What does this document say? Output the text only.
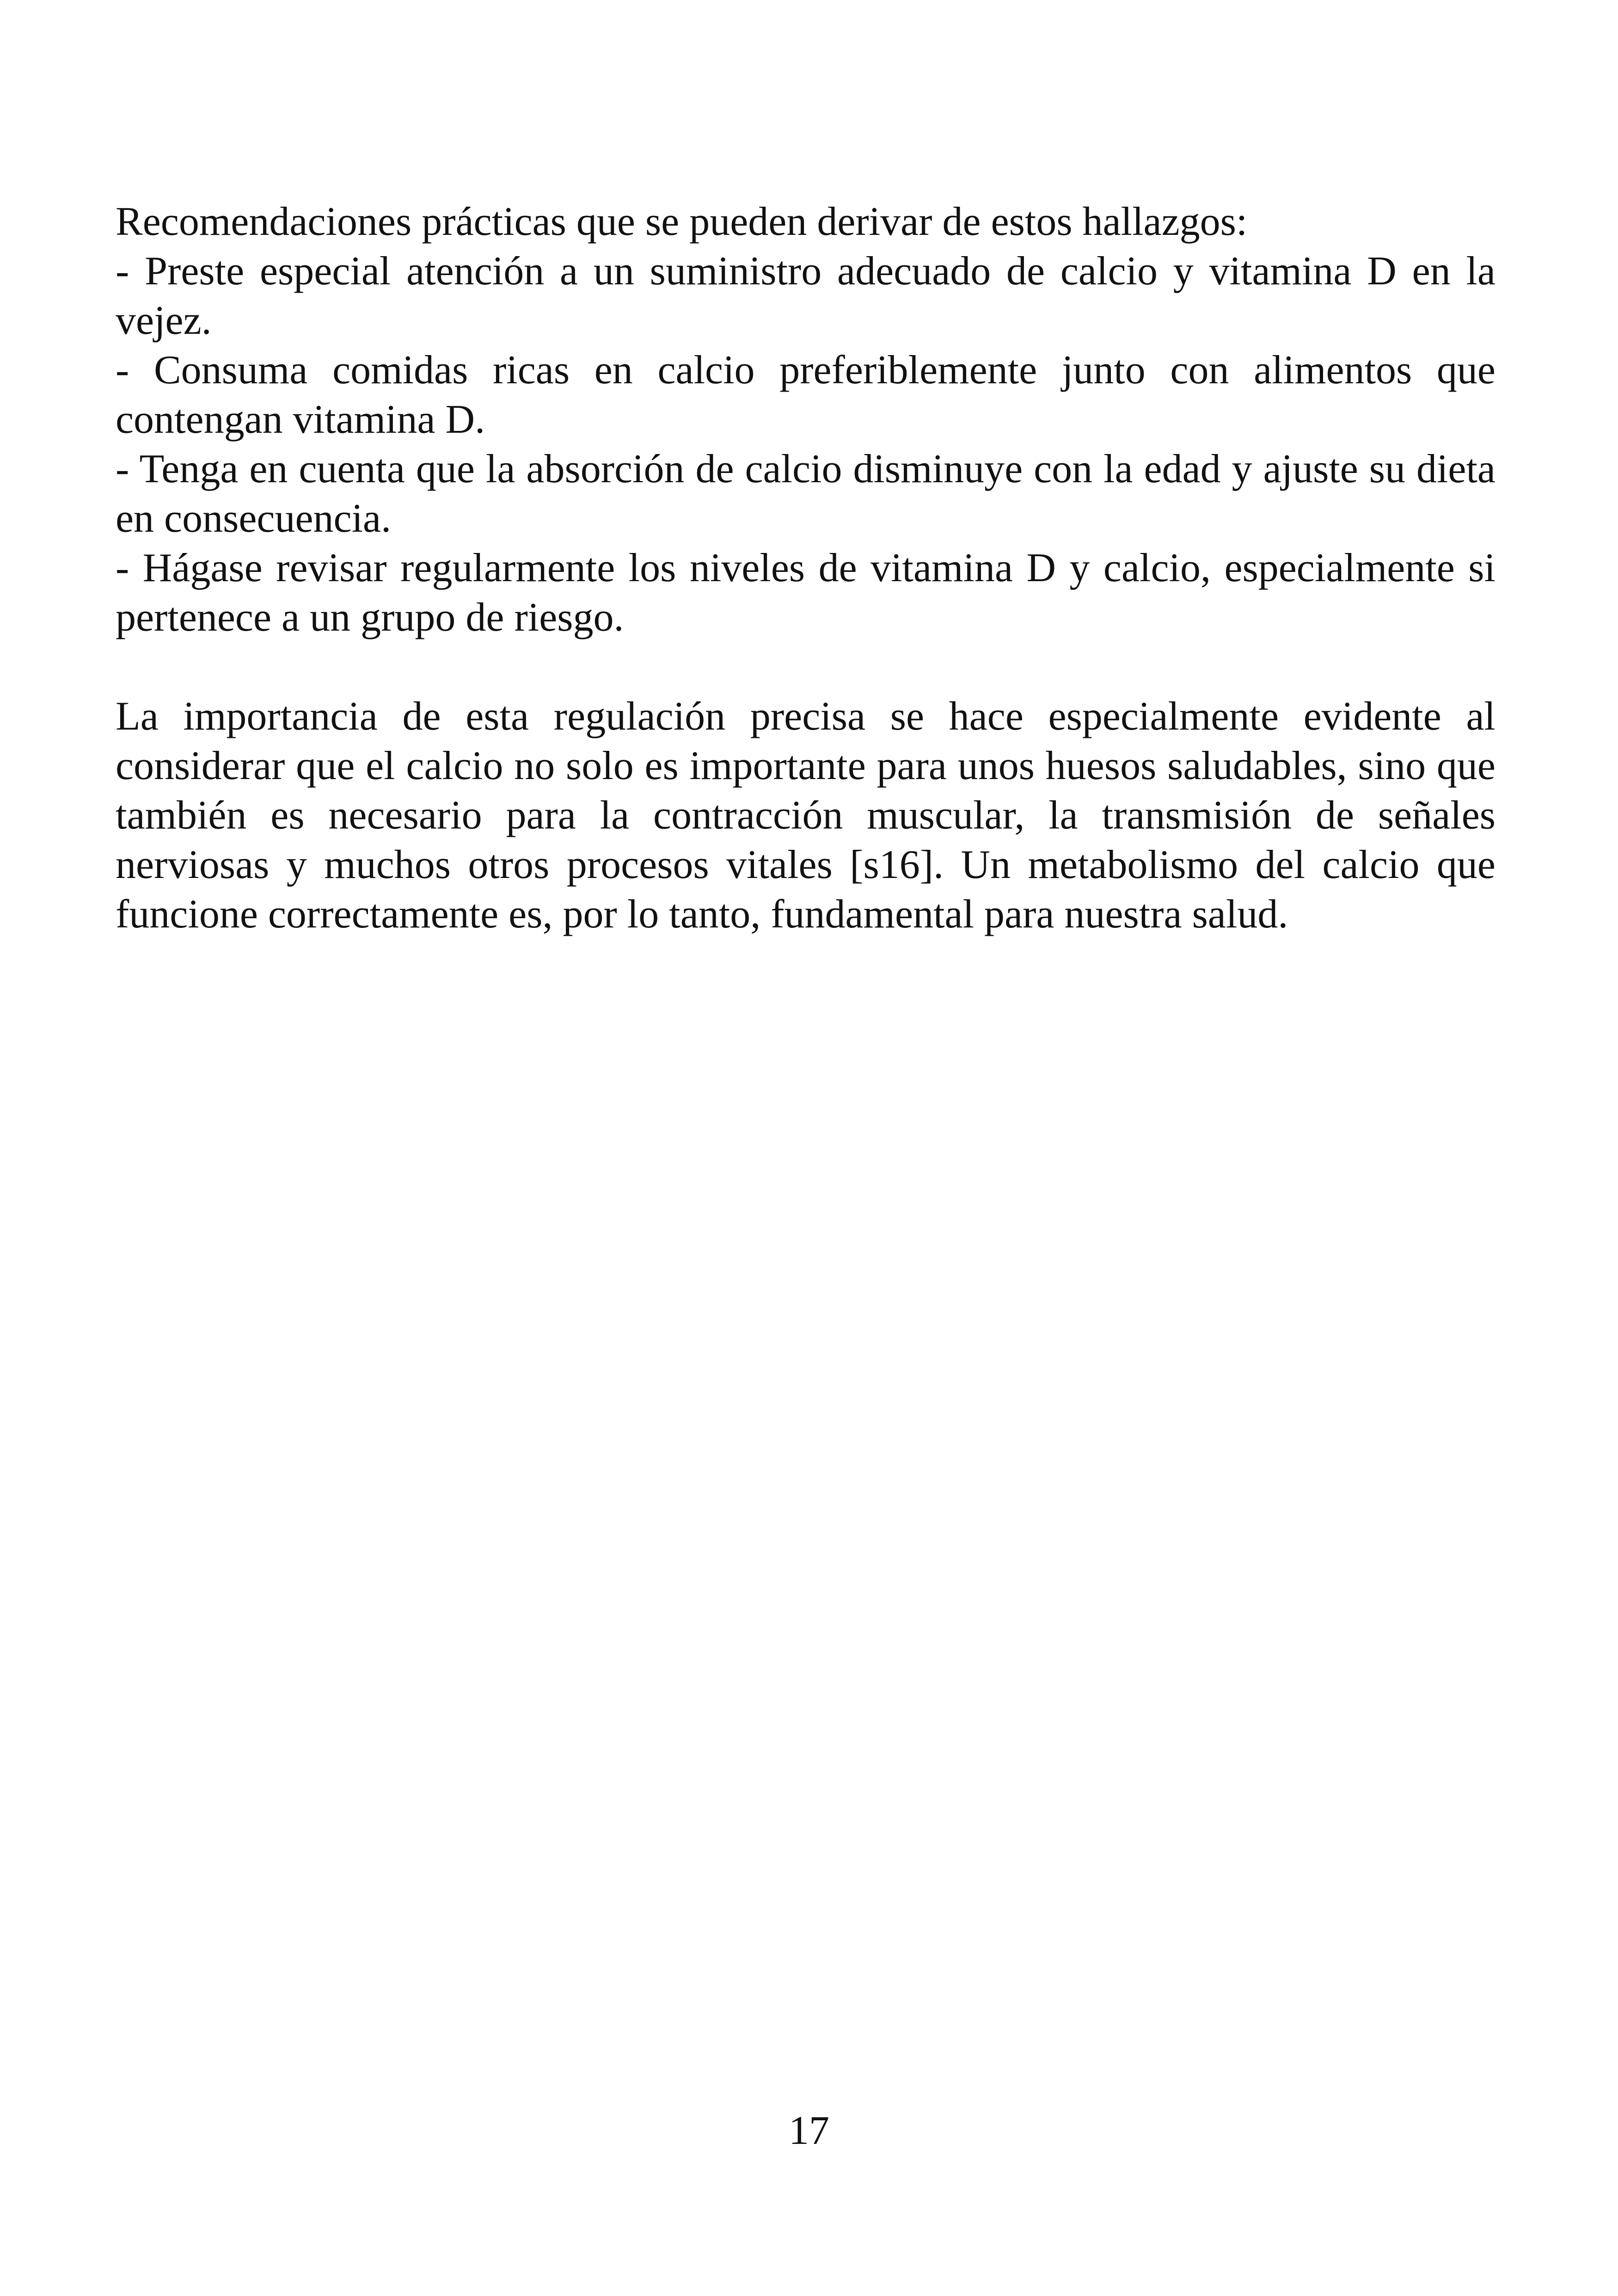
Recomendaciones prácticas que se pueden derivar de estos hallazgos:

- Preste especial atención a un suministro adecuado de calcio y vitamina D en la vejez.

- Consuma comidas ricas en calcio preferiblemente junto con alimentos que contengan vitamina D.

- Tenga en cuenta que la absorción de calcio disminuye con la edad y ajuste su dieta en consecuencia.

- Hágase revisar regularmente los niveles de vitamina D y calcio, especialmente si pertenece a un grupo de riesgo.

La importancia de esta regulación precisa se hace especialmente evidente al considerar que el calcio no solo es importante para unos huesos saludables, sino que también es necesario para la contracción muscular, la transmisión de señales nerviosas y muchos otros procesos vitales [s16]. Un metabolismo del calcio que funcione correctamente es, por lo tanto, fundamental para nuestra salud.

17
